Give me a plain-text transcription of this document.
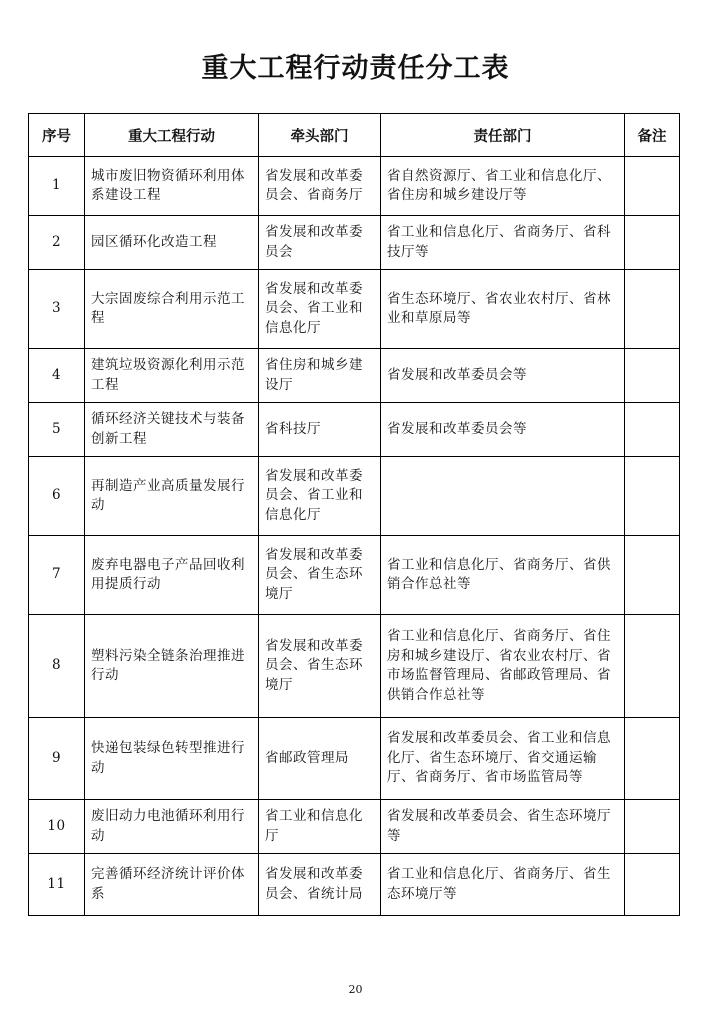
重大工程行动责任分工表
序号	重大工程行动	牵头部门	责任部门	备注
1	城市废旧物资循环利用体系建设工程	省发展和改革委员会、省商务厅	省自然资源厅、省工业和信息化厅、省住房和城乡建设厅等	
2	园区循环化改造工程	省发展和改革委员会	省工业和信息化厅、省商务厅、省科技厅等	
3	大宗固废综合利用示范工程	省发展和改革委员会、省工业和信息化厅	省生态环境厅、省农业农村厅、省林业和草原局等	
4	建筑垃圾资源化利用示范工程	省住房和城乡建设厅	省发展和改革委员会等	
5	循环经济关键技术与装备创新工程	省科技厅	省发展和改革委员会等	
6	再制造产业高质量发展行动	省发展和改革委员会、省工业和信息化厅		
7	废弃电器电子产品回收利用提质行动	省发展和改革委员会、省生态环境厅	省工业和信息化厅、省商务厅、省供销合作总社等	
8	塑料污染全链条治理推进行动	省发展和改革委员会、省生态环境厅	省工业和信息化厅、省商务厅、省住房和城乡建设厅、省农业农村厅、省市场监督管理局、省邮政管理局、省供销合作总社等	
9	快递包装绿色转型推进行动	省邮政管理局	省发展和改革委员会、省工业和信息化厅、省生态环境厅、省交通运输厅、省商务厅、省市场监管局等	
10	废旧动力电池循环利用行动	省工业和信息化厅	省发展和改革委员会、省生态环境厅等	
11	完善循环经济统计评价体系	省发展和改革委员会、省统计局	省工业和信息化厅、省商务厅、省生态环境厅等	
20
